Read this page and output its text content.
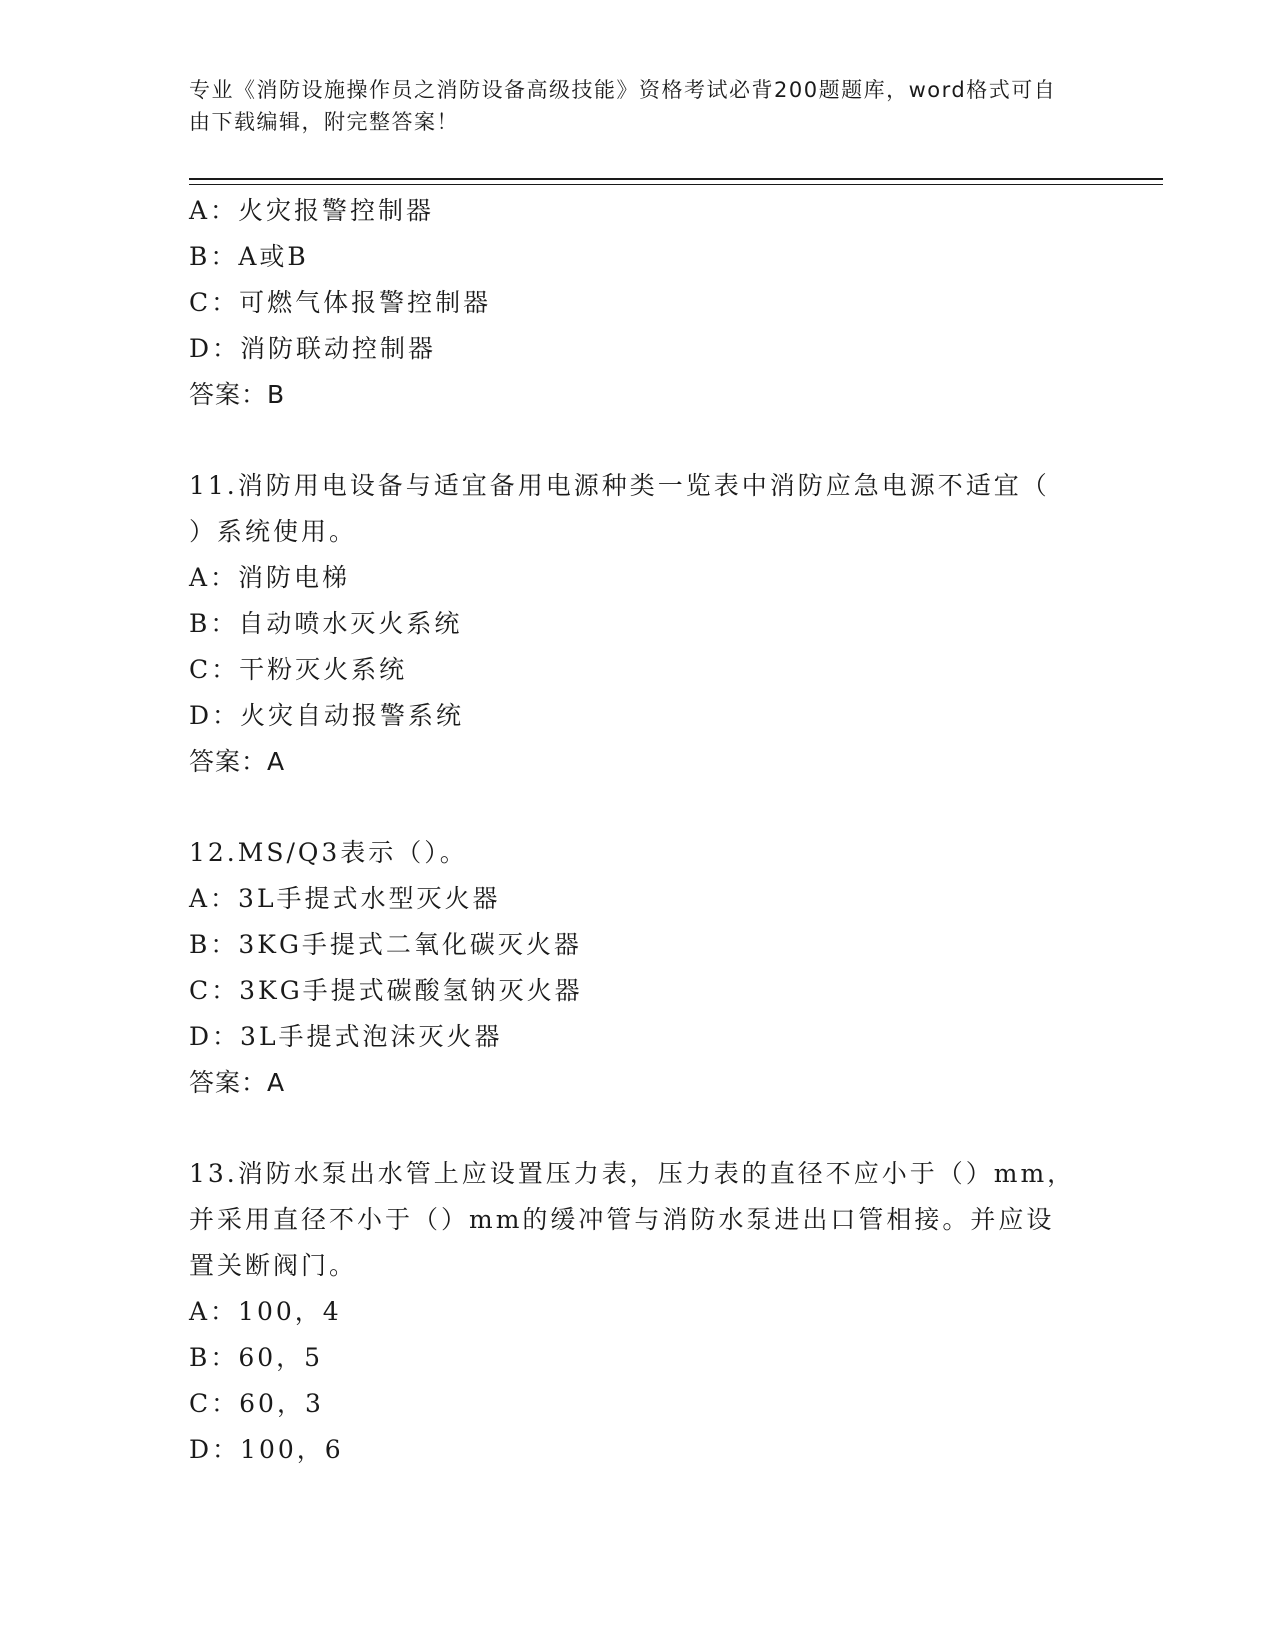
专业《消防设施操作员之消防设备高级技能》资格考试必背200题题库，word格式可自由下载编辑，附完整答案！
A：火灾报警控制器
B：A或B
C：可燃气体报警控制器
D：消防联动控制器
答案：B
11.消防用电设备与适宜备用电源种类一览表中消防应急电源不适宜（
）系统使用。
A：消防电梯
B：自动喷水灭火系统
C：干粉灭火系统
D：火灾自动报警系统
答案：A
12.MS/Q3表示（）。
A：3L手提式水型灭火器
B：3KG手提式二氧化碳灭火器
C：3KG手提式碳酸氢钠灭火器
D：3L手提式泡沫灭火器
答案：A
13.消防水泵出水管上应设置压力表，压力表的直径不应小于（）mm，
并采用直径不小于（）mm的缓冲管与消防水泵进出口管相接。并应设
置关断阀门。
A：100，4
B：60，5
C：60，3
D：100，6
